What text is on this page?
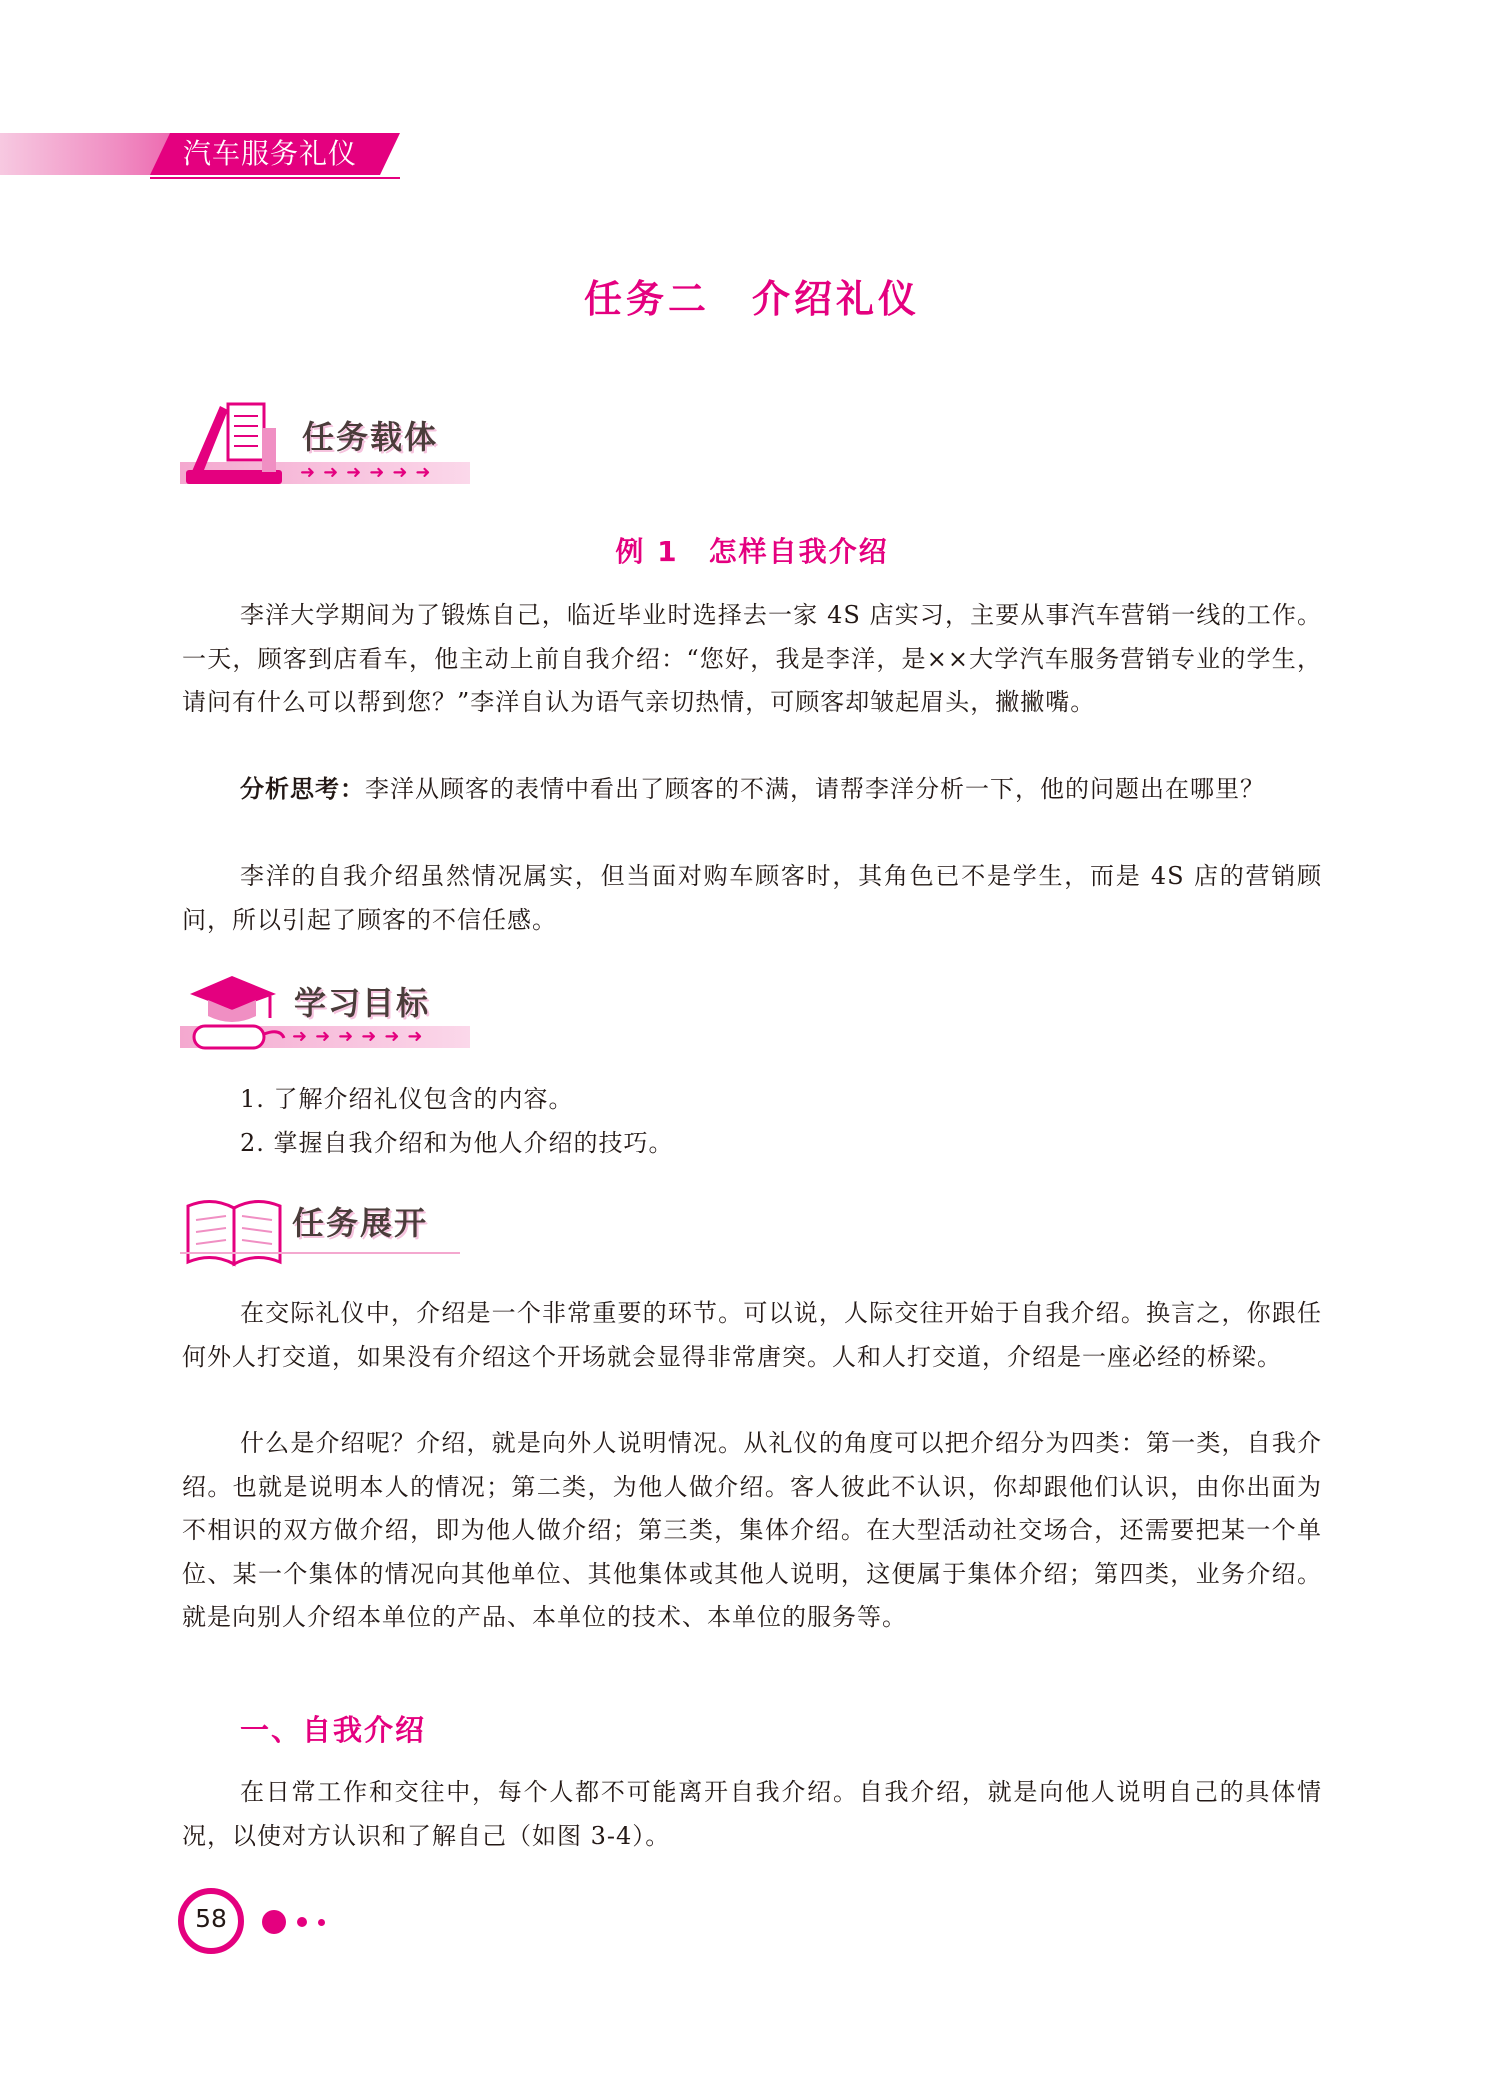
汽车服务礼仪
任务二　介绍礼仪
➜➜➜➜➜➜
任务载体
例 1　怎样自我介绍

李洋大学期间为了锻炼自己，临近毕业时选择去一家 4S 店实习，主要从事汽车营销一线的工作。一天，顾客到店看车，他主动上前自我介绍：“您好，我是李洋，是××大学汽车服务营销专业的学生，请问有什么可以帮到您？”李洋自认为语气亲切热情，可顾客却皱起眉头，撇撇嘴。

分析思考：李洋从顾客的表情中看出了顾客的不满，请帮李洋分析一下，他的问题出在哪里？

李洋的自我介绍虽然情况属实，但当面对购车顾客时，其角色已不是学生，而是 4S 店的营销顾问，所以引起了顾客的不信任感。

➜➜➜➜➜➜
学习目标
1. 了解介绍礼仪包含的内容。
2. 掌握自我介绍和为他人介绍的技巧。
任务展开

在交际礼仪中，介绍是一个非常重要的环节。可以说，人际交往开始于自我介绍。换言之，你跟任何外人打交道，如果没有介绍这个开场就会显得非常唐突。人和人打交道，介绍是一座必经的桥梁。

什么是介绍呢？介绍，就是向外人说明情况。从礼仪的角度可以把介绍分为四类：第一类，自我介绍。也就是说明本人的情况；第二类，为他人做介绍。客人彼此不认识，你却跟他们认识，由你出面为不相识的双方做介绍，即为他人做介绍；第三类，集体介绍。在大型活动社交场合，还需要把某一个单位、某一个集体的情况向其他单位、其他集体或其他人说明，这便属于集体介绍；第四类，业务介绍。就是向别人介绍本单位的产品、本单位的技术、本单位的服务等。

一、自我介绍

在日常工作和交往中，每个人都不可能离开自我介绍。自我介绍，就是向他人说明自己的具体情况，以使对方认识和了解自己（如图 3-4）。

58
